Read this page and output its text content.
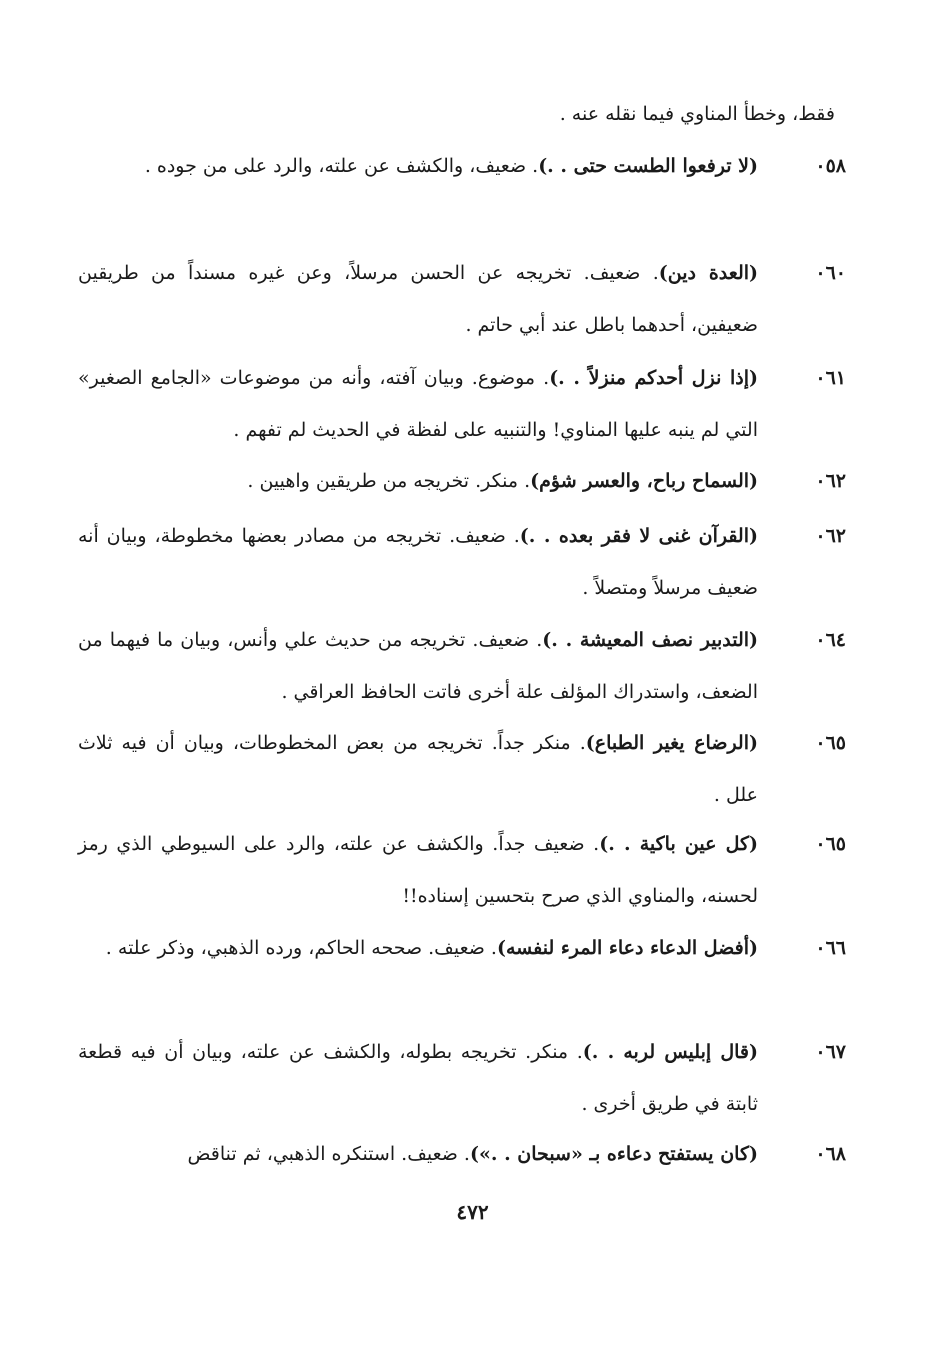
فقط، وخطأ المناوي فيما نقله عنه .
٠٥٨
(لا ترفعوا الطست حتى . .). ضعيف، والكشف عن علته، والرد على من جوده .
٠٦٠
(العدة دين). ضعيف. تخريجه عن الحسن مرسلاً، وعن غيره مسنداً من طريقين ضعيفين، أحدهما باطل عند أبي حاتم .
٠٦١
(إذا نزل أحدكم منزلاً . .). موضوع. وبيان آفته، وأنه من موضوعات «الجامع الصغير» التي لم ينبه عليها المناوي! والتنبيه على لفظة في الحديث لم تفهم .
٠٦٢
(السماح رباح، والعسر شؤم). منكر. تخريجه من طريقين واهيين .
٠٦٢
(القرآن غنى لا فقر بعده . .). ضعيف. تخريجه من مصادر بعضها مخطوطة، وبيان أنه ضعيف مرسلاً ومتصلاً .
٠٦٤
(التدبير نصف المعيشة . .). ضعيف. تخريجه من حديث علي وأنس، وبيان ما فيهما من الضعف، واستدراك المؤلف علة أخرى فاتت الحافظ العراقي .
٠٦٥
(الرضاع يغير الطباع). منكر جداً. تخريجه من بعض المخطوطات، وبيان أن فيه ثلاث علل .
٠٦٥
(كل عين باكية . .). ضعيف جداً. والكشف عن علته، والرد على السيوطي الذي رمز لحسنه، والمناوي الذي صرح بتحسين إسناده!!
٠٦٦
(أفضل الدعاء دعاء المرء لنفسه). ضعيف. صححه الحاكم، ورده الذهبي، وذكر علته .
٠٦٧
(قال إبليس لربه . .). منكر. تخريجه بطوله، والكشف عن علته، وبيان أن فيه قطعة ثابتة في طريق أخرى .
٠٦٨
(كان يستفتح دعاءه بـ «سبحان . .»). ضعيف. استنكره الذهبي، ثم تناقض
٤٧٢
